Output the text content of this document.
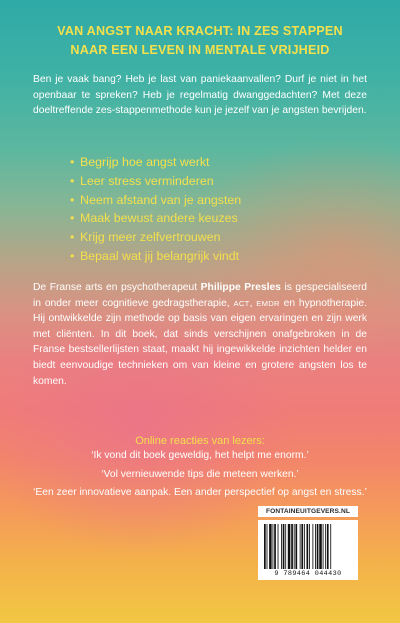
VAN ANGST NAAR KRACHT: IN ZES STAPPEN
NAAR EEN LEVEN IN MENTALE VRIJHEID
Ben je vaak bang? Heb je last van paniekaanvallen? Durf je niet in het openbaar te spreken? Heb je regelmatig dwanggedachten? Met deze doeltreffende zes-stappenmethode kun je jezelf van je angsten bevrijden.
• Begrijp hoe angst werkt
• Leer stress verminderen
• Neem afstand van je angsten
• Maak bewust andere keuzes
• Krijg meer zelfvertrouwen
• Bepaal wat jij belangrijk vindt
De Franse arts en psychotherapeut Philippe Presles is gespecialiseerd in onder meer cognitieve gedragstherapie, ACT, EMDR en hypnotherapie. Hij ontwikkelde zijn methode op basis van eigen ervaringen en zijn werk met cliënten. In dit boek, dat sinds verschijnen onafgebroken in de Franse bestsellerlijsten staat, maakt hij ingewikkelde inzichten helder en biedt eenvoudige technieken om van kleine en grotere angsten los te komen.
Online reacties van lezers:
‘Ik vond dit boek geweldig, het helpt me enorm.’
‘Vol vernieuwende tips die meteen werken.’
‘Een zeer innovatieve aanpak. Een ander perspectief op angst en stress.’
FONTAINEUITGEVERS.NL
9 789464 044430
